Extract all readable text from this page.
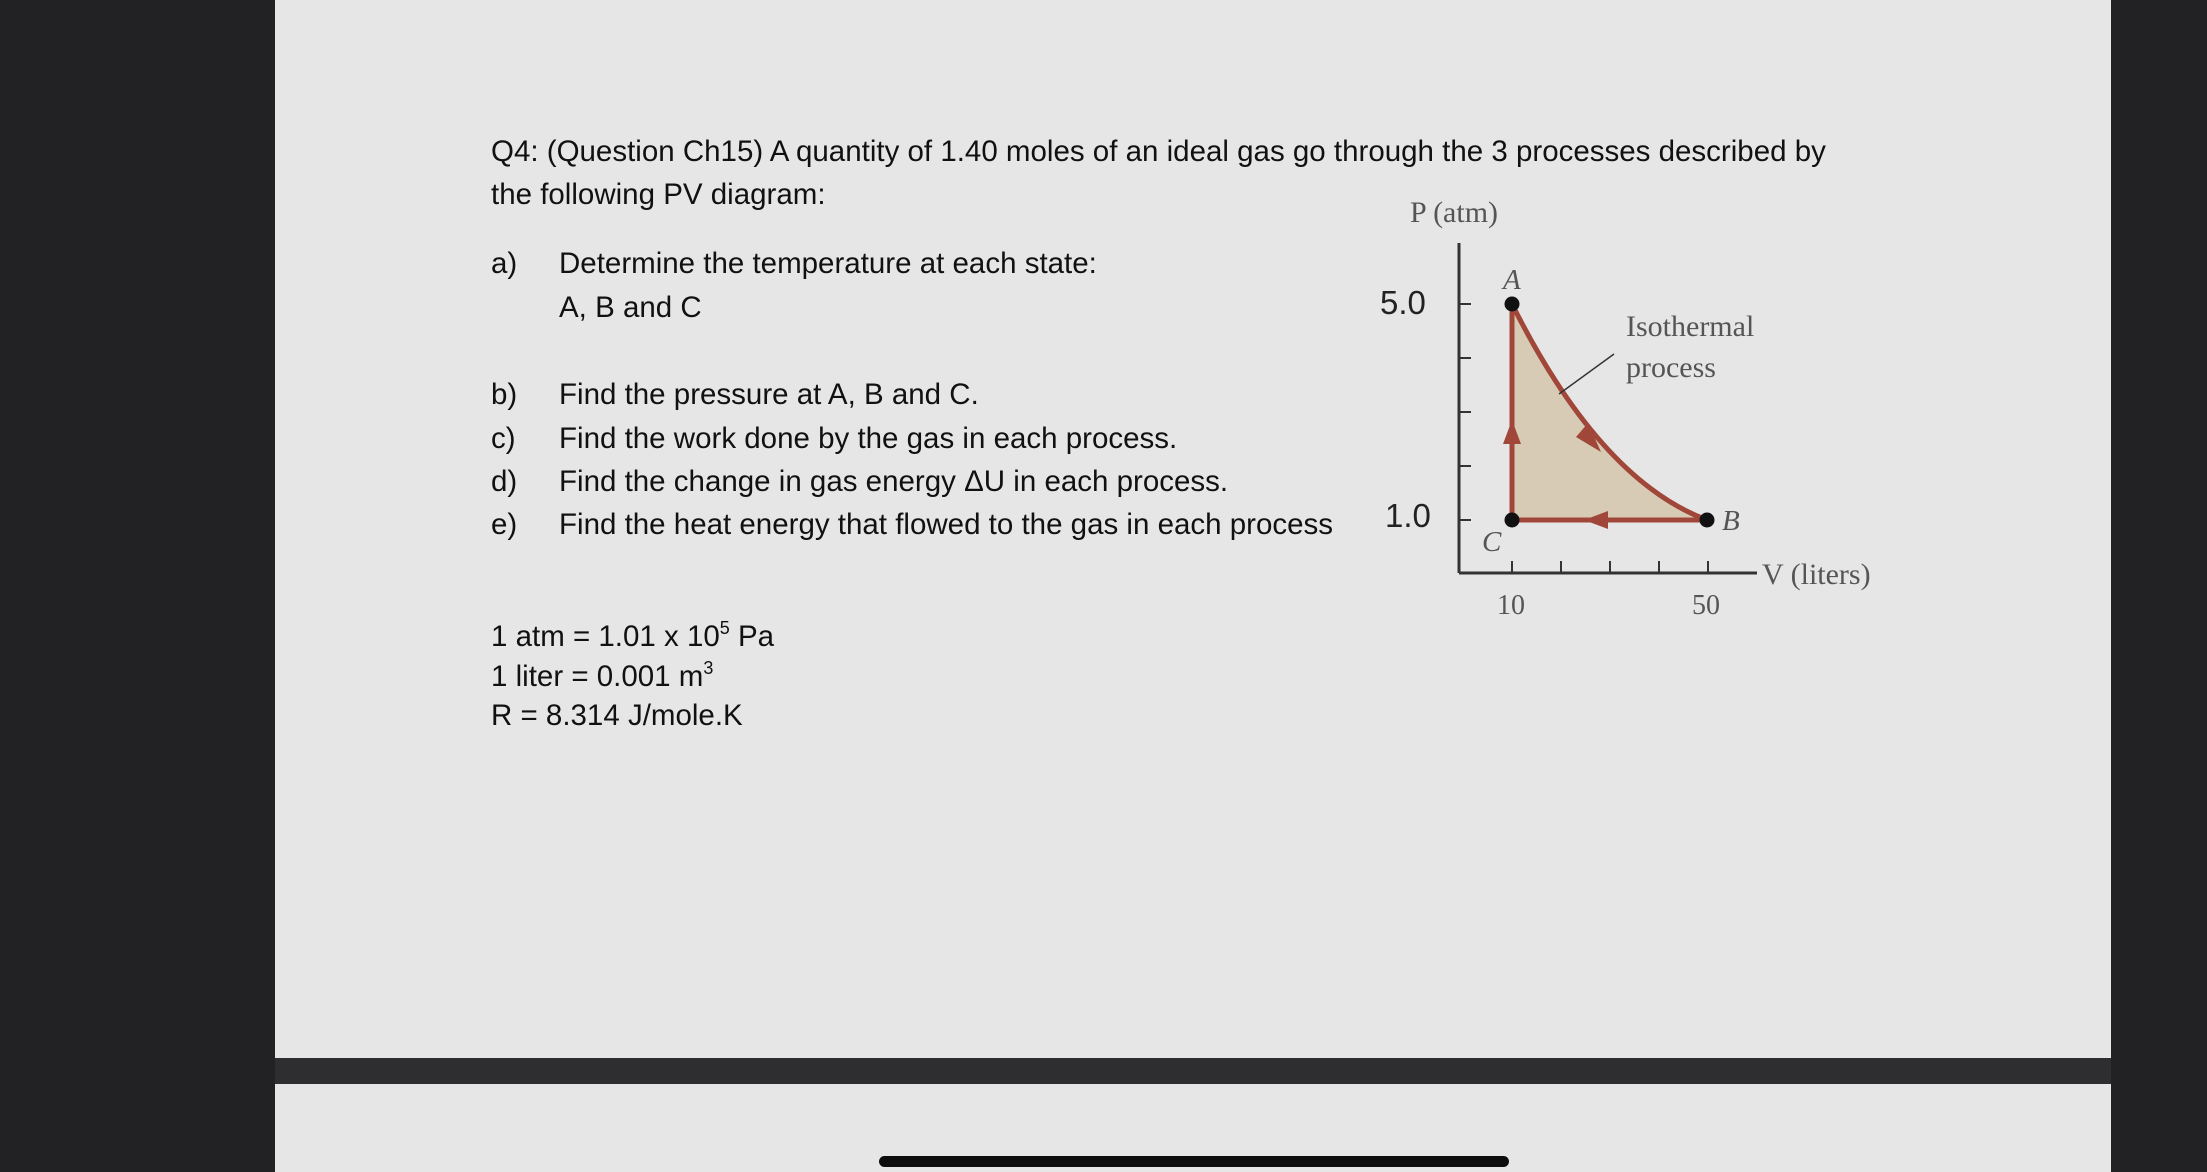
Q4: (Question Ch15) A quantity of 1.40 moles of an ideal gas go through the 3 processes described by
the following PV diagram:
a) Determine the temperature at each state:
A, B and C
b) Find the pressure at A, B and C.
c) Find the work done by the gas in each process.
d) Find the change in gas energy ΔU in each process.
e) Find the heat energy that flowed to the gas in each process
1 atm = 1.01 x $10^5$ Pa
1 liter = 0.001 $m^3$
R = 8.314 J/mole.K
P (atm)
V (liters)
5.0
1.0
10	50
A
B
C
Isothermal
process
